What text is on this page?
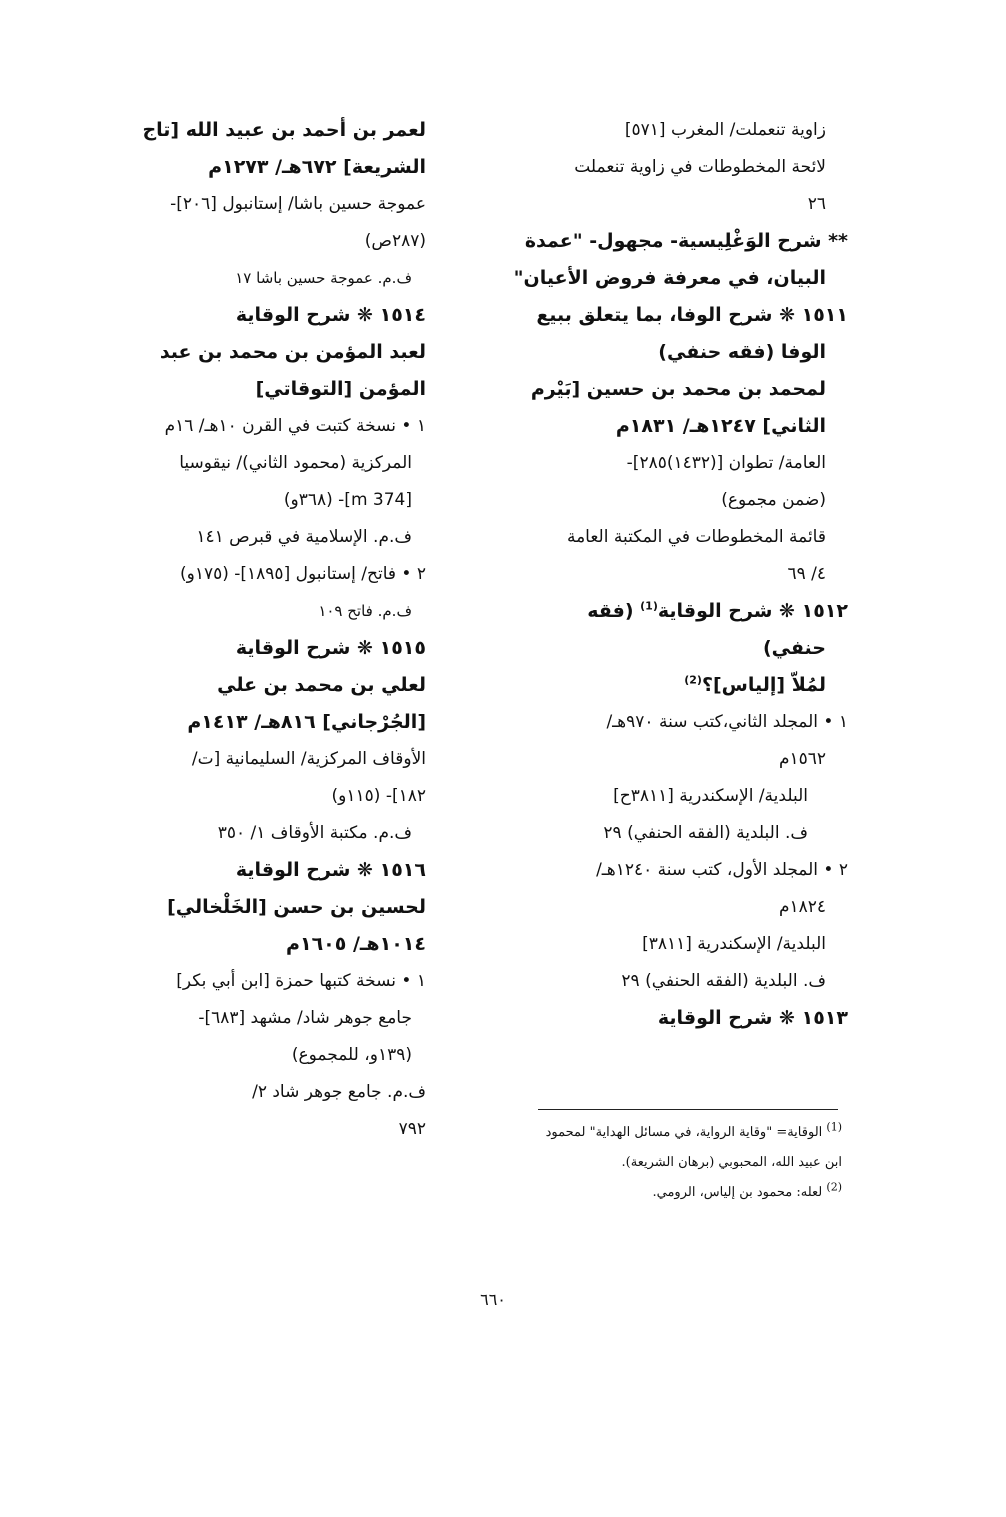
زاوية تنعملت/ المغرب [٥٧١]
لائحة المخطوطات في زاوية تنعملت
٢٦
** شرح الوَغْلِيسية- مجهول- "عمدة
البيان، في معرفة فروض الأعيان"
١٥١١ ❋ شرح الوفا، بما يتعلق ببيع
الوفا (فقه حنفي)
لمحمد بن محمد بن حسين [بَيْرم
الثاني] ١٢٤٧هـ/ ١٨٣١م
العامة/ تطوان [(١٤٣٢)٢٨٥]-
(ضمن مجموع)
قائمة المخطوطات في المكتبة العامة
٤/ ٦٩
١٥١٢ ❋ شرح الوقاية$^{(1)}$ (فقه
حنفي)
لمُلاّ [إلياس]؟$^{(2)}$
١ • المجلد الثاني،كتب سنة ٩٧٠هـ/
١٥٦٢م
البلدية/ الإسكندرية [٣٨١١ح]
ف. البلدية (الفقه الحنفي) ٢٩
٢ • المجلد الأول، كتب سنة ١٢٤٠هـ/
١٨٢٤م
البلدية/ الإسكندرية [٣٨١١]
ف. البلدية (الفقه الحنفي) ٢٩
١٥١٣ ❋ شرح الوقاية
لعمر بن أحمد بن عبيد الله [تاج
الشريعة] ٦٧٢هـ/ ١٢٧٣م
عموجة حسين باشا/ إستانبول [٢٠٦]-
(٢٨٧ص)
ف.م. عموجة حسين باشا ١٧
١٥١٤ ❋ شرح الوقاية
لعبد المؤمن بن محمد بن عبد
المؤمن [التوقاتي]
١ • نسخة كتبت في القرن ١٠هـ/ ١٦م
المركزية (محمود الثاني)/ نيقوسيا
[m 374]- (٣٦٨و)
ف.م. الإسلامية في قبرص ١٤١
٢ • فاتح/ إستانبول [١٨٩٥]- (١٧٥و)
ف.م. فاتح ١٠٩
١٥١٥ ❋ شرح الوقاية
لعلي بن محمد بن علي
[الجُرْجاني] ٨١٦هـ/ ١٤١٣م
الأوقاف المركزية/ السليمانية [ت/
١٨٢]- (١١٥و)
ف.م. مكتبة الأوقاف ١/ ٣٥٠
١٥١٦ ❋ شرح الوقاية
لحسين بن حسن [الخَلْخالي]
١٠١٤هـ/ ١٦٠٥م
١ • نسخة كتبها حمزة [ابن أبي بكر]
جامع جوهر شاد/ مشهد [٦٨٣]-
(١٣٩و، للمجموع)
ف.م. جامع جوهر شاد ٢/
٧٩٢	$^{(1)}$ الوقاية= "وقاية الرواية، في مسائل الهداية" لمحمود
ابن عبيد الله، المحبوبي (برهان الشريعة).
$^{(2)}$ لعله: محمود بن إلياس، الرومي.
٦٦٠
